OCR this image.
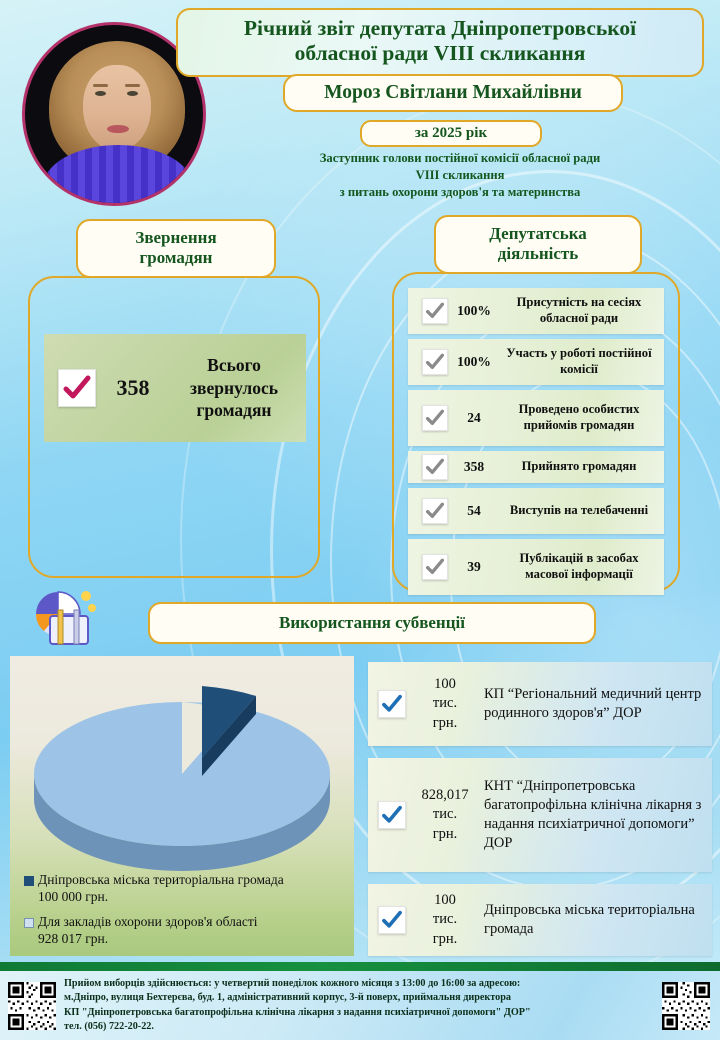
Річний звіт депутата Дніпропетровської
обласної ради VIII скликання
Мороз Світлани Михайлівни
за 2025 рік
Заступник голови постійної комісії обласної ради
VIII скликання
з питань охорони здоров'я та материнства
Звернення
громадян
358
Всього
звернулось
громадян
Депутатська
діяльність
100%
Присутність на сесіях обласної ради
100%
Участь у роботі постійної комісії
24
Проведено особистих прийомів громадян
358	Прийнято громадян
54	Виступів на телебаченні
39
Публікацій в засобах масової інформації
Використання субвенції
Дніпровська міська територіальна громада
100 000 грн.
Для закладів охорони здоров'я області
928 017 грн.
100
тис.
грн.
КП “Регіональний медичний центр родинного здоров'я” ДОР
828,017
тис.
грн.
КНТ “Дніпропетровська багатопрофільна клінічна лікарня з надання психіатричної допомоги” ДОР
100
тис.
грн.
Дніпровська міська територіальна громада
Прийом виборців здійснюється: у четвертий понеділок кожного місяця з 13:00 до 16:00 за адресою:
м.Дніпро, вулиця Бехтерєва, буд. 1, адміністративний корпус, 3-й поверх, приймальня директора
КП "Дніпропетровська багатопрофільна клінічна лікарня з надання психіатричної допомоги" ДОР"
тел. (056) 722-20-22.
